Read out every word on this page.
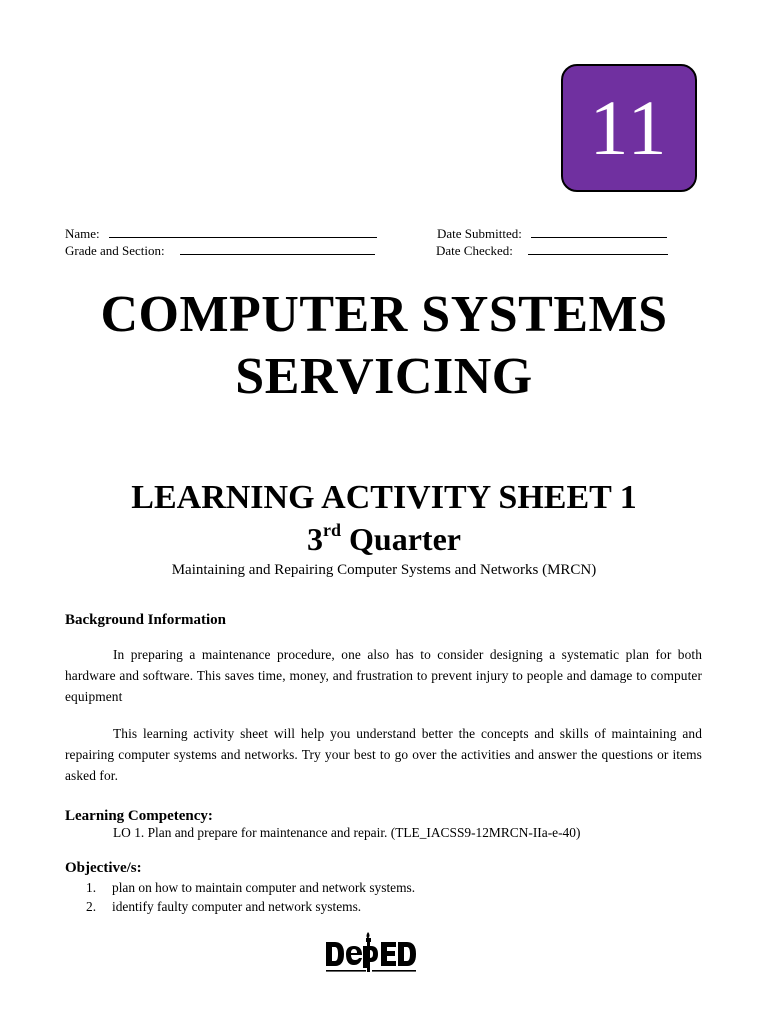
11
Name:	Date Submitted:
Grade and Section:	Date Checked:
COMPUTER SYSTEMS
SERVICING
LEARNING ACTIVITY SHEET 1
3rd Quarter
Maintaining and Repairing Computer Systems and Networks (MRCN)
Background Information
In preparing a maintenance procedure, one also has to consider designing a systematic plan for both hardware and software. This saves time, money, and frustration to prevent injury to people and damage to computer equipment
This learning activity sheet will help you understand better the concepts and skills of maintaining and repairing computer systems and networks. Try your best to go over the activities and answer the questions or items asked for.
Learning Competency:
LO 1. Plan and prepare for maintenance and repair. (TLE_IACSS9-12MRCN-IIa-e-40)
Objective/s:
1.	plan on how to maintain computer and network systems.
2.	identify faulty computer and network systems.
